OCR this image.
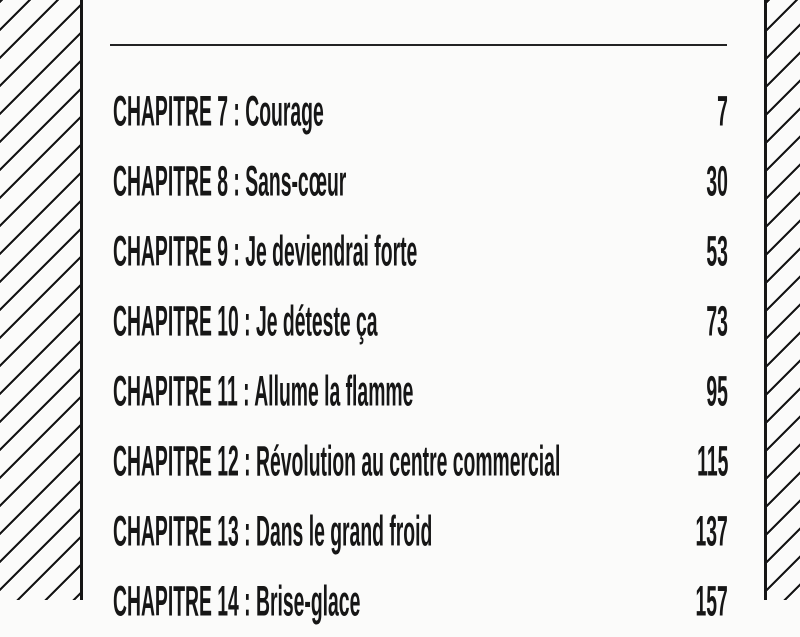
CHAPITRE 7 : Courage	7
CHAPITRE 8 : Sans-cœur	30
CHAPITRE 9 : Je deviendrai forte	53
CHAPITRE 10 : Je déteste ça	73
CHAPITRE 11 : Allume la flamme	95
CHAPITRE 12 : Révolution au centre commercial	115
CHAPITRE 13 : Dans le grand froid	137
CHAPITRE 14 : Brise-glace	157
